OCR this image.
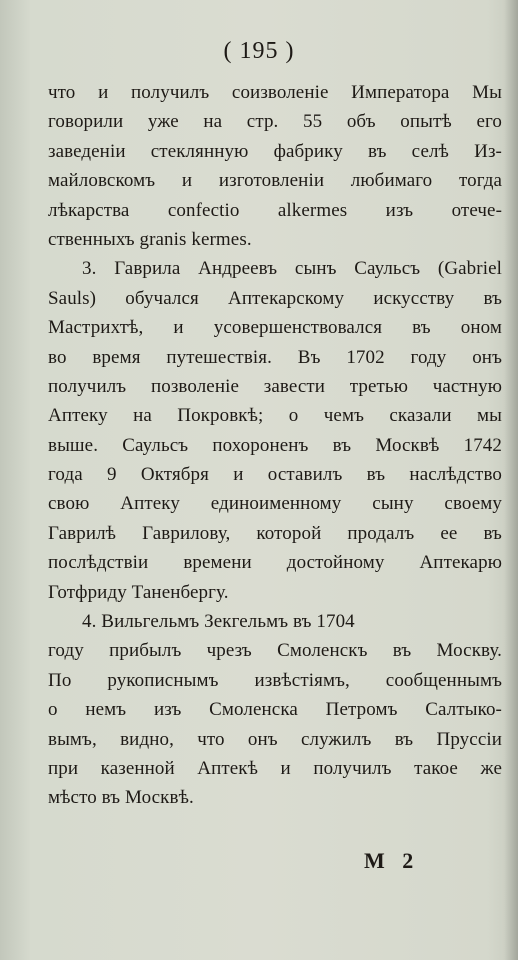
( 195 )
что и получилъ соизволеніе Императора Мы
говорили уже на стр. 55 объ опытѣ его
заведеніи стеклянную фабрику въ селѣ Из-
майловскомъ и изготовленіи любимаго тогда
лѣкарства confectio alkermes изъ отече-
ственныхъ granis kermes.
3. Гаврила Андреевъ сынъ Саульсъ (Gabriel
Sauls) обучался Аптекарскому искусству въ
Мастрихтѣ, и усовершенствовался въ оном
во время путешествія. Въ 1702 году онъ
получилъ позволеніе завести третью частную
Аптеку на Покровкѣ; о чемъ сказали мы
выше. Саульсъ похороненъ въ Москвѣ 1742
года 9 Октября и оставилъ въ наслѣдство
свою Аптеку единоименному сыну своему
Гаврилѣ Гаврилову, которой продалъ ее въ
послѣдствіи времени достойному Аптекарю
Готфриду Таненбергу.
4. Вильгельмъ Зекгельмъ въ 1704
году прибылъ чрезъ Смоленскъ въ Москву.
По рукописнымъ извѣстіямъ, сообщеннымъ
о немъ изъ Смоленска Петромъ Салтыко-
вымъ, видно, что онъ служилъ въ Пруссіи
при казенной Аптекѣ и получилъ такое же
мѣсто въ Москвѣ.
M 2
